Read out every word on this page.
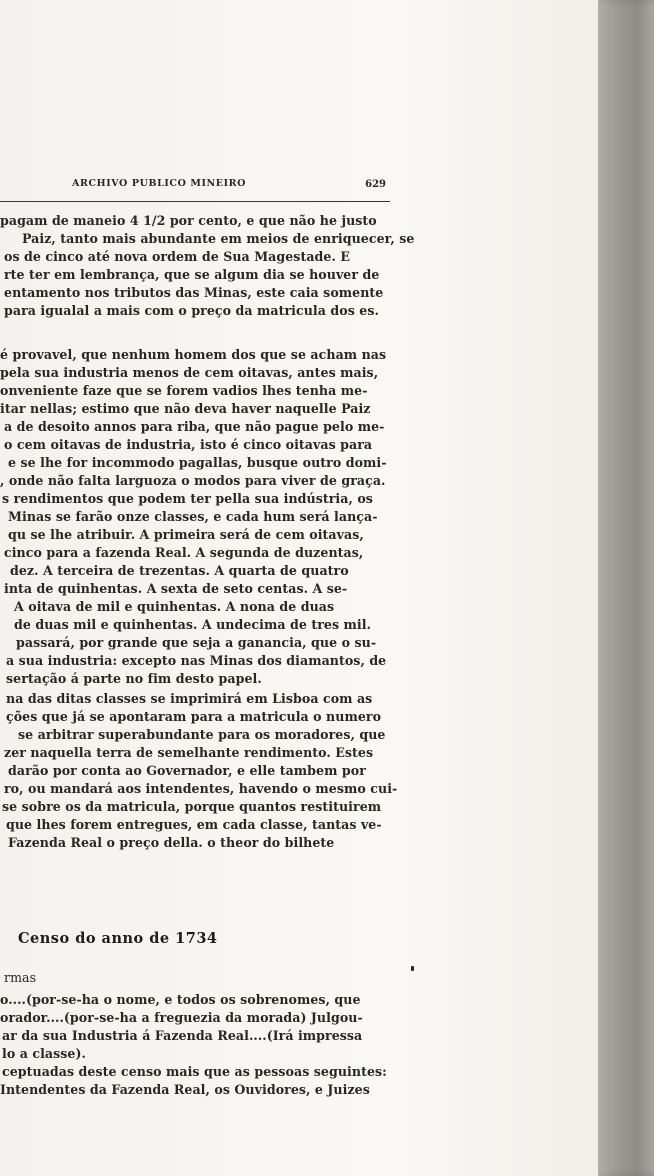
ARCHIVO PUBLICO MINEIRO	629
pagam de maneio 4 1/2 por cento, e que não he justo
Paiz, tanto mais abundante em meios de enriquecer, se
os de cinco até nova ordem de Sua Magestade. E
rte ter em lembrança, que se algum dia se houver de
entamento nos tributos das Minas, este caia somente
para igualal a mais com o preço da matricula dos es.
é provavel, que nenhum homem dos que se acham nas
pela sua industria menos de cem oitavas, antes mais,
onveniente faze que se forem vadios lhes tenha me-
itar nellas; estimo que não deva haver naquelle Paiz
a de desoito annos para riba, que não pague pelo me-
o cem oitavas de industria, isto é cinco oitavas para
e se lhe for incommodo pagallas, busque outro domi-
, onde não falta larguoza o modos para viver de graça.
s rendimentos que podem ter pella sua indústria, os
Minas se farão onze classes, e cada hum será lança-
qu se lhe atribuir. A primeira será de cem oitavas,
cinco para a fazenda Real. A segunda de duzentas,
dez. A terceira de trezentas. A quarta de quatro
inta de quinhentas. A sexta de seto centas. A se-
A oitava de mil e quinhentas. A nona de duas
de duas mil e quinhentas. A undecima de tres mil.
passará, por grande que seja a ganancia, que o su-
a sua industria: excepto nas Minas dos diamantos, de
sertação á parte no fim desto papel.
na das ditas classes se imprimirá em Lisboa com as
ções que já se apontaram para a matricula o numero
se arbitrar superabundante para os moradores, que
zer naquella terra de semelhante rendimento. Estes
darão por conta ao Governador, e elle tambem por
ro, ou mandará aos intendentes, havendo o mesmo cui-
se sobre os da matricula, porque quantos restituirem
que lhes forem entregues, em cada classe, tantas ve-
Fazenda Real o preço della. o theor do bilhete
Censo do anno de 1734
rmas
o....(por-se-ha o nome, e todos os sobrenomes, que
orador....(por-se-ha a freguezia da morada) Julgou-
ar da sua Industria á Fazenda Real....(Irá impressa
lo a classe).
ceptuadas deste censo mais que as pessoas seguintes:
Intendentes da Fazenda Real, os Ouvidores, e Juizes
